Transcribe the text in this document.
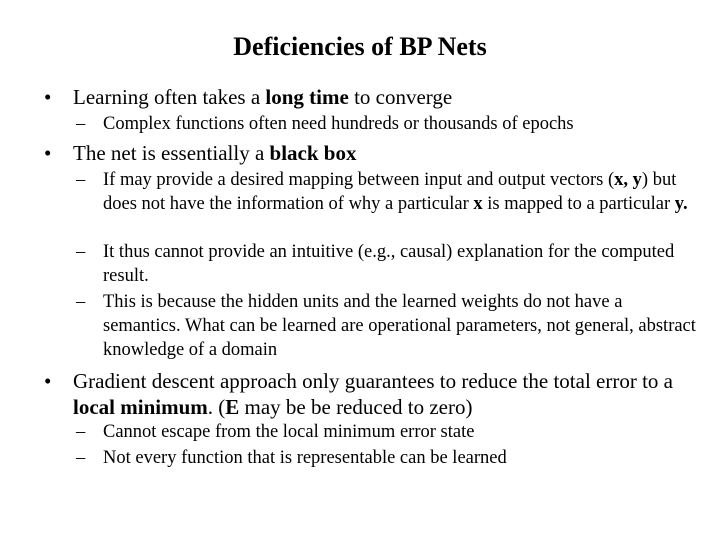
Deficiencies of BP Nets
• Learning often takes a long time to converge
– Complex functions often need hundreds or thousands of epochs
• The net is essentially a black box
– If may provide a desired mapping between input and output vectors (x, y) but does not have the information of why a particular x is mapped to a particular y.
– It thus cannot provide an intuitive (e.g., causal) explanation for the computed result.
– This is because the hidden units and the learned weights do not have a semantics. What can be learned are operational parameters, not general, abstract knowledge of a domain
• Gradient descent approach only guarantees to reduce the total error to a local minimum. (E may be be reduced to zero)
– Cannot escape from the local minimum error state
– Not every function that is representable can be learned
